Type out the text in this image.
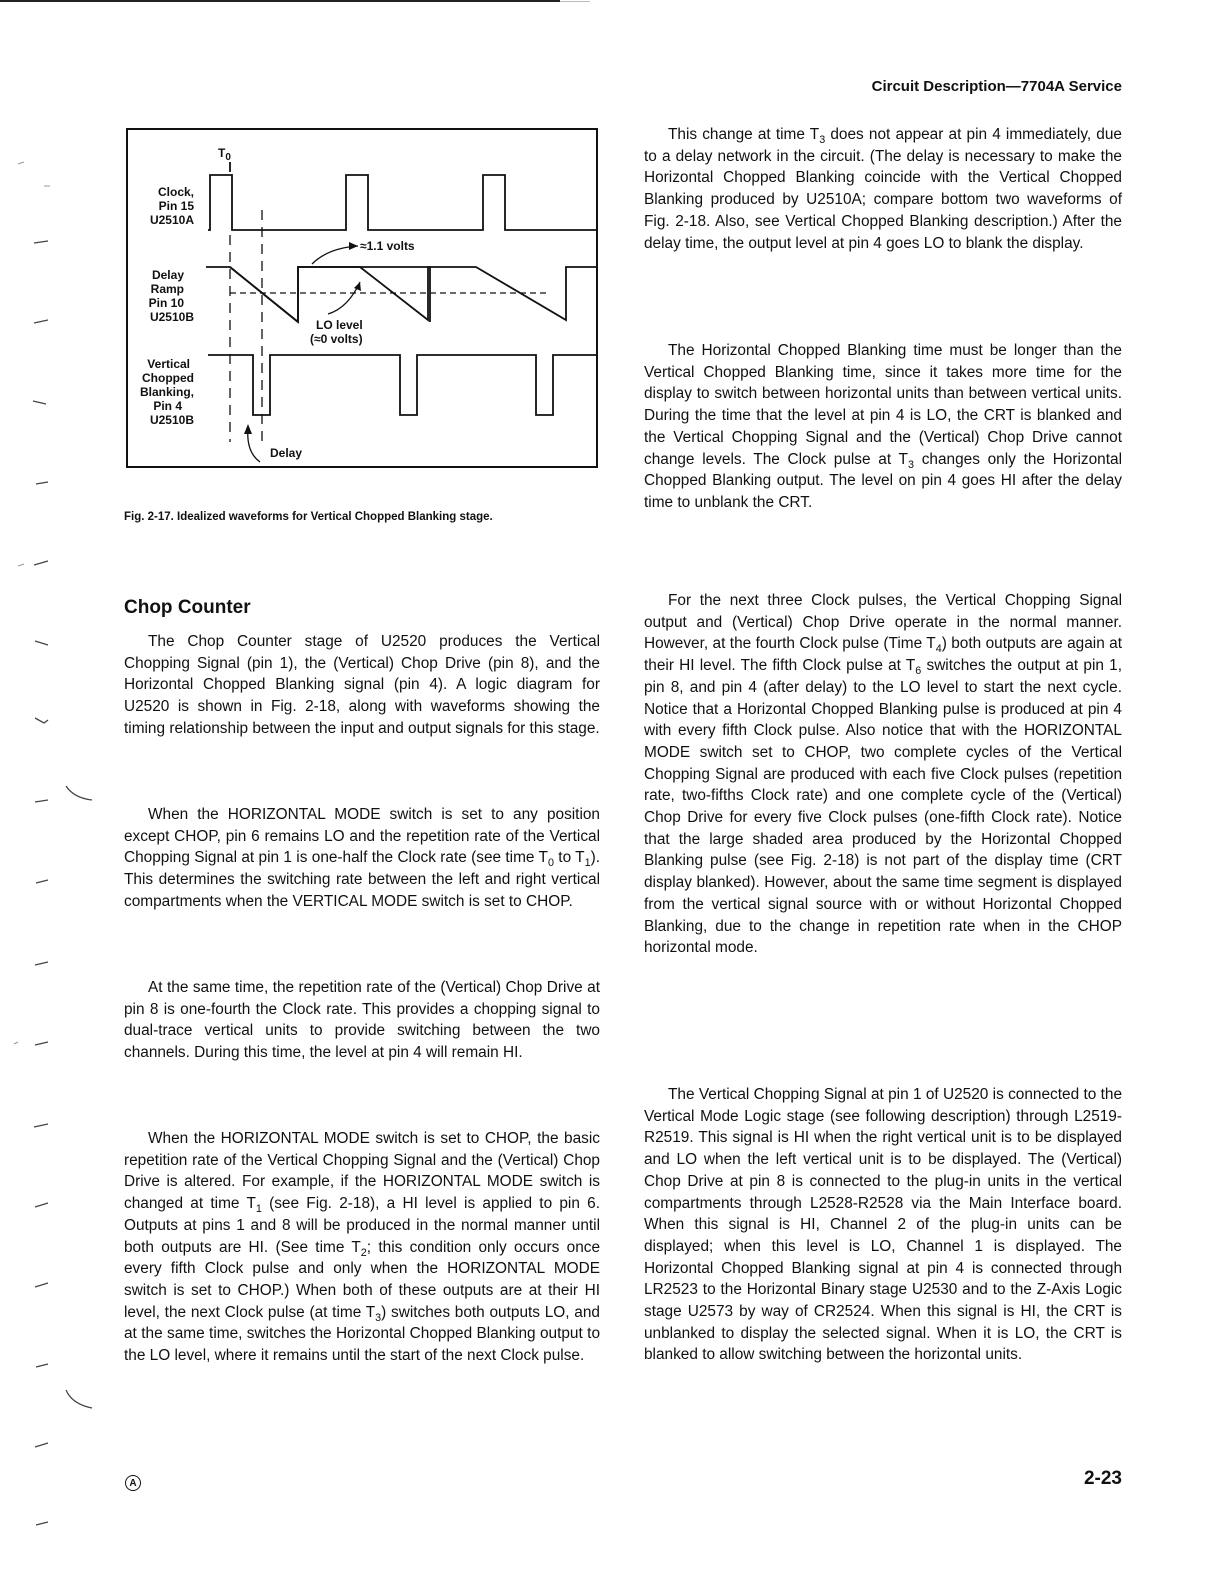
Circuit Description—7704A Service
$T_0$
Clock,
Pin 15
U2510A
Delay
Ramp
Pin 10
U2510B
Vertical
Chopped
Blanking,
Pin 4
U2510B
≈1.1 volts
LO level
(≈0 volts)
Delay
Fig. 2-17. Idealized waveforms for Vertical Chopped Blanking stage.
Chop Counter

The Chop Counter stage of U2520 produces the Vertical Chopping Signal (pin 1), the (Vertical) Chop Drive (pin 8), and the Horizontal Chopped Blanking signal (pin 4). A logic diagram for U2520 is shown in Fig. 2-18, along with waveforms showing the timing relationship between the input and output signals for this stage.

When the HORIZONTAL MODE switch is set to any position except CHOP, pin 6 remains LO and the repetition rate of the Vertical Chopping Signal at pin 1 is one-half the Clock rate (see time $T_0$ to $T_1$). This determines the switching rate between the left and right vertical compartments when the VERTICAL MODE switch is set to CHOP.

At the same time, the repetition rate of the (Vertical) Chop Drive at pin 8 is one-fourth the Clock rate. This provides a chopping signal to dual-trace vertical units to provide switching between the two channels. During this time, the level at pin 4 will remain HI.

When the HORIZONTAL MODE switch is set to CHOP, the basic repetition rate of the Vertical Chopping Signal and the (Vertical) Chop Drive is altered. For example, if the HORIZONTAL MODE switch is changed at time $T_1$ (see Fig. 2-18), a HI level is applied to pin 6. Outputs at pins 1 and 8 will be produced in the normal manner until both outputs are HI. (See time $T_2$; this condition only occurs once every fifth Clock pulse and only when the HORIZONTAL MODE switch is set to CHOP.) When both of these outputs are at their HI level, the next Clock pulse (at time $T_3$) switches both outputs LO, and at the same time, switches the Horizontal Chopped Blanking output to the LO level, where it remains until the start of the next Clock pulse.

This change at time $T_3$ does not appear at pin 4 immediately, due to a delay network in the circuit. (The delay is necessary to make the Horizontal Chopped Blanking coincide with the Vertical Chopped Blanking produced by U2510A; compare bottom two waveforms of Fig. 2-18. Also, see Vertical Chopped Blanking description.) After the delay time, the output level at pin 4 goes LO to blank the display.

The Horizontal Chopped Blanking time must be longer than the Vertical Chopped Blanking time, since it takes more time for the display to switch between horizontal units than between vertical units. During the time that the level at pin 4 is LO, the CRT is blanked and the Vertical Chopping Signal and the (Vertical) Chop Drive cannot change levels. The Clock pulse at $T_3$ changes only the Horizontal Chopped Blanking output. The level on pin 4 goes HI after the delay time to unblank the CRT.

For the next three Clock pulses, the Vertical Chopping Signal output and (Vertical) Chop Drive operate in the normal manner. However, at the fourth Clock pulse (Time $T_4$) both outputs are again at their HI level. The fifth Clock pulse at $T_6$ switches the output at pin 1, pin 8, and pin 4 (after delay) to the LO level to start the next cycle. Notice that a Horizontal Chopped Blanking pulse is produced at pin 4 with every fifth Clock pulse. Also notice that with the HORIZONTAL MODE switch set to CHOP, two complete cycles of the Vertical Chopping Signal are produced with each five Clock pulses (repetition rate, two-fifths Clock rate) and one complete cycle of the (Vertical) Chop Drive for every five Clock pulses (one-fifth Clock rate). Notice that the large shaded area produced by the Horizontal Chopped Blanking pulse (see Fig. 2-18) is not part of the display time (CRT display blanked). However, about the same time segment is displayed from the vertical signal source with or without Horizontal Chopped Blanking, due to the change in repetition rate when in the CHOP horizontal mode.

The Vertical Chopping Signal at pin 1 of U2520 is connected to the Vertical Mode Logic stage (see following description) through L2519-R2519. This signal is HI when the right vertical unit is to be displayed and LO when the left vertical unit is to be displayed. The (Vertical) Chop Drive at pin 8 is connected to the plug-in units in the vertical compartments through L2528-R2528 via the Main Interface board. When this signal is HI, Channel 2 of the plug-in units can be displayed; when this level is LO, Channel 1 is displayed. The Horizontal Chopped Blanking signal at pin 4 is connected through LR2523 to the Horizontal Binary stage U2530 and to the Z-Axis Logic stage U2573 by way of CR2524. When this signal is HI, the CRT is unblanked to display the selected signal. When it is LO, the CRT is blanked to allow switching between the horizontal units.

A	2-23
